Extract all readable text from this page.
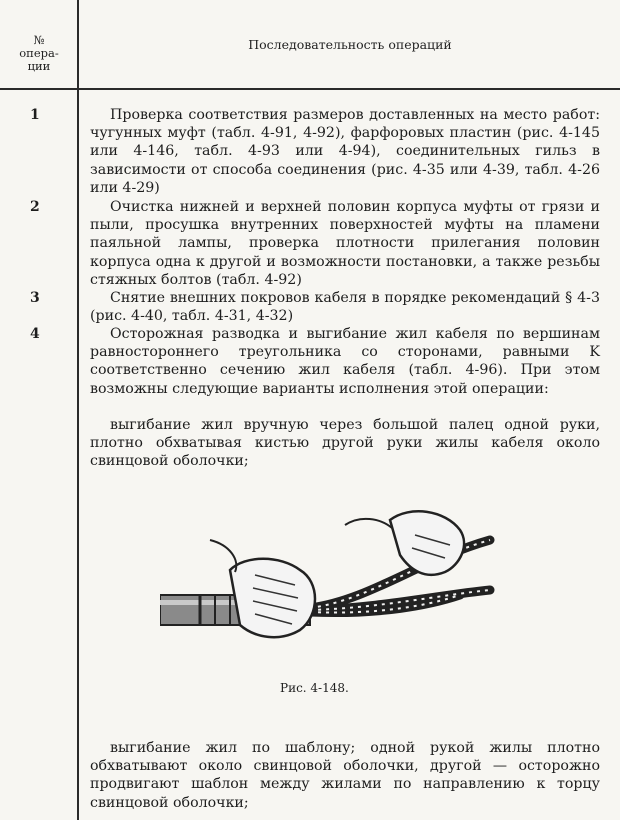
№
опера-
ции
Последовательность операций
1	Проверка соответствия размеров доставленных на место работ: чугунных муфт (табл. 4-91, 4-92), фарфоровых пластин (рис. 4-145 или 4-146, табл. 4-93 или 4-94), соединительных гильз в зависимости от способа соединения (рис. 4-35 или 4-39, табл. 4-26 или 4-29)
2	Очистка нижней и верхней половин корпуса муфты от грязи и пыли, просушка внутренних поверхностей муфты на пламени паяльной лампы, проверка плотности прилегания половин корпуса одна к другой и возможности постановки, а также резьбы стяжных болтов (табл. 4-92)
3	Снятие внешних покровов кабеля в порядке рекомендаций § 4-3 (рис. 4-40, табл. 4-31, 4-32)
4	Осторожная разводка и выгибание жил кабеля по вершинам равностороннего треугольника со сторонами, равными K соответственно сечению жил кабеля (табл. 4-96). При этом возможны следующие варианты исполнения этой операции:
выгибание жил вручную через большой палец одной руки, плотно обхватывая кистью другой руки жилы кабеля около свинцовой оболочки;
Рис. 4-148.
выгибание жил по шаблону; одной рукой жилы плотно обхватывают около свинцовой оболочки, другой — осторожно продвигают шаблон между жилами по направлению к торцу свинцовой оболочки;
